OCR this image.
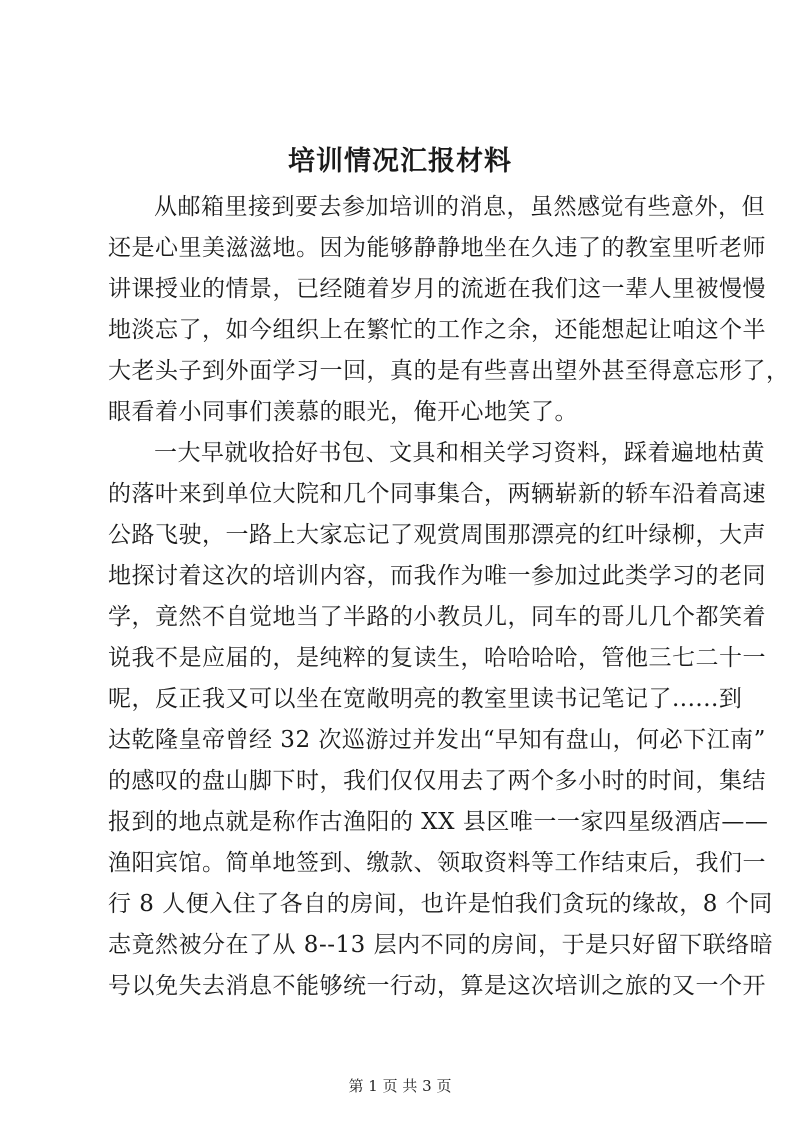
培训情况汇报材料
从邮箱里接到要去参加培训的消息，虽然感觉有些意外，但
还是心里美滋滋地。因为能够静静地坐在久违了的教室里听老师
讲课授业的情景，已经随着岁月的流逝在我们这一辈人里被慢慢
地淡忘了，如今组织上在繁忙的工作之余，还能想起让咱这个半
大老头子到外面学习一回，真的是有些喜出望外甚至得意忘形了，
眼看着小同事们羡慕的眼光，俺开心地笑了。
一大早就收拾好书包、文具和相关学习资料，踩着遍地枯黄
的落叶来到单位大院和几个同事集合，两辆崭新的轿车沿着高速
公路飞驶，一路上大家忘记了观赏周围那漂亮的红叶绿柳，大声
地探讨着这次的培训内容，而我作为唯一参加过此类学习的老同
学，竟然不自觉地当了半路的小教员儿，同车的哥儿几个都笑着
说我不是应届的，是纯粹的复读生，哈哈哈哈，管他三七二十一
呢，反正我又可以坐在宽敞明亮的教室里读书记笔记了......到
达乾隆皇帝曾经 32 次巡游过并发出“早知有盘山，何必下江南”
的感叹的盘山脚下时，我们仅仅用去了两个多小时的时间，集结
报到的地点就是称作古渔阳的 XX 县区唯一一家四星级酒店——
渔阳宾馆。简单地签到、缴款、领取资料等工作结束后，我们一
行 8 人便入住了各自的房间，也许是怕我们贪玩的缘故，8 个同
志竟然被分在了从 8--13 层内不同的房间，于是只好留下联络暗
号以免失去消息不能够统一行动，算是这次培训之旅的又一个开
第 1 页 共 3 页
